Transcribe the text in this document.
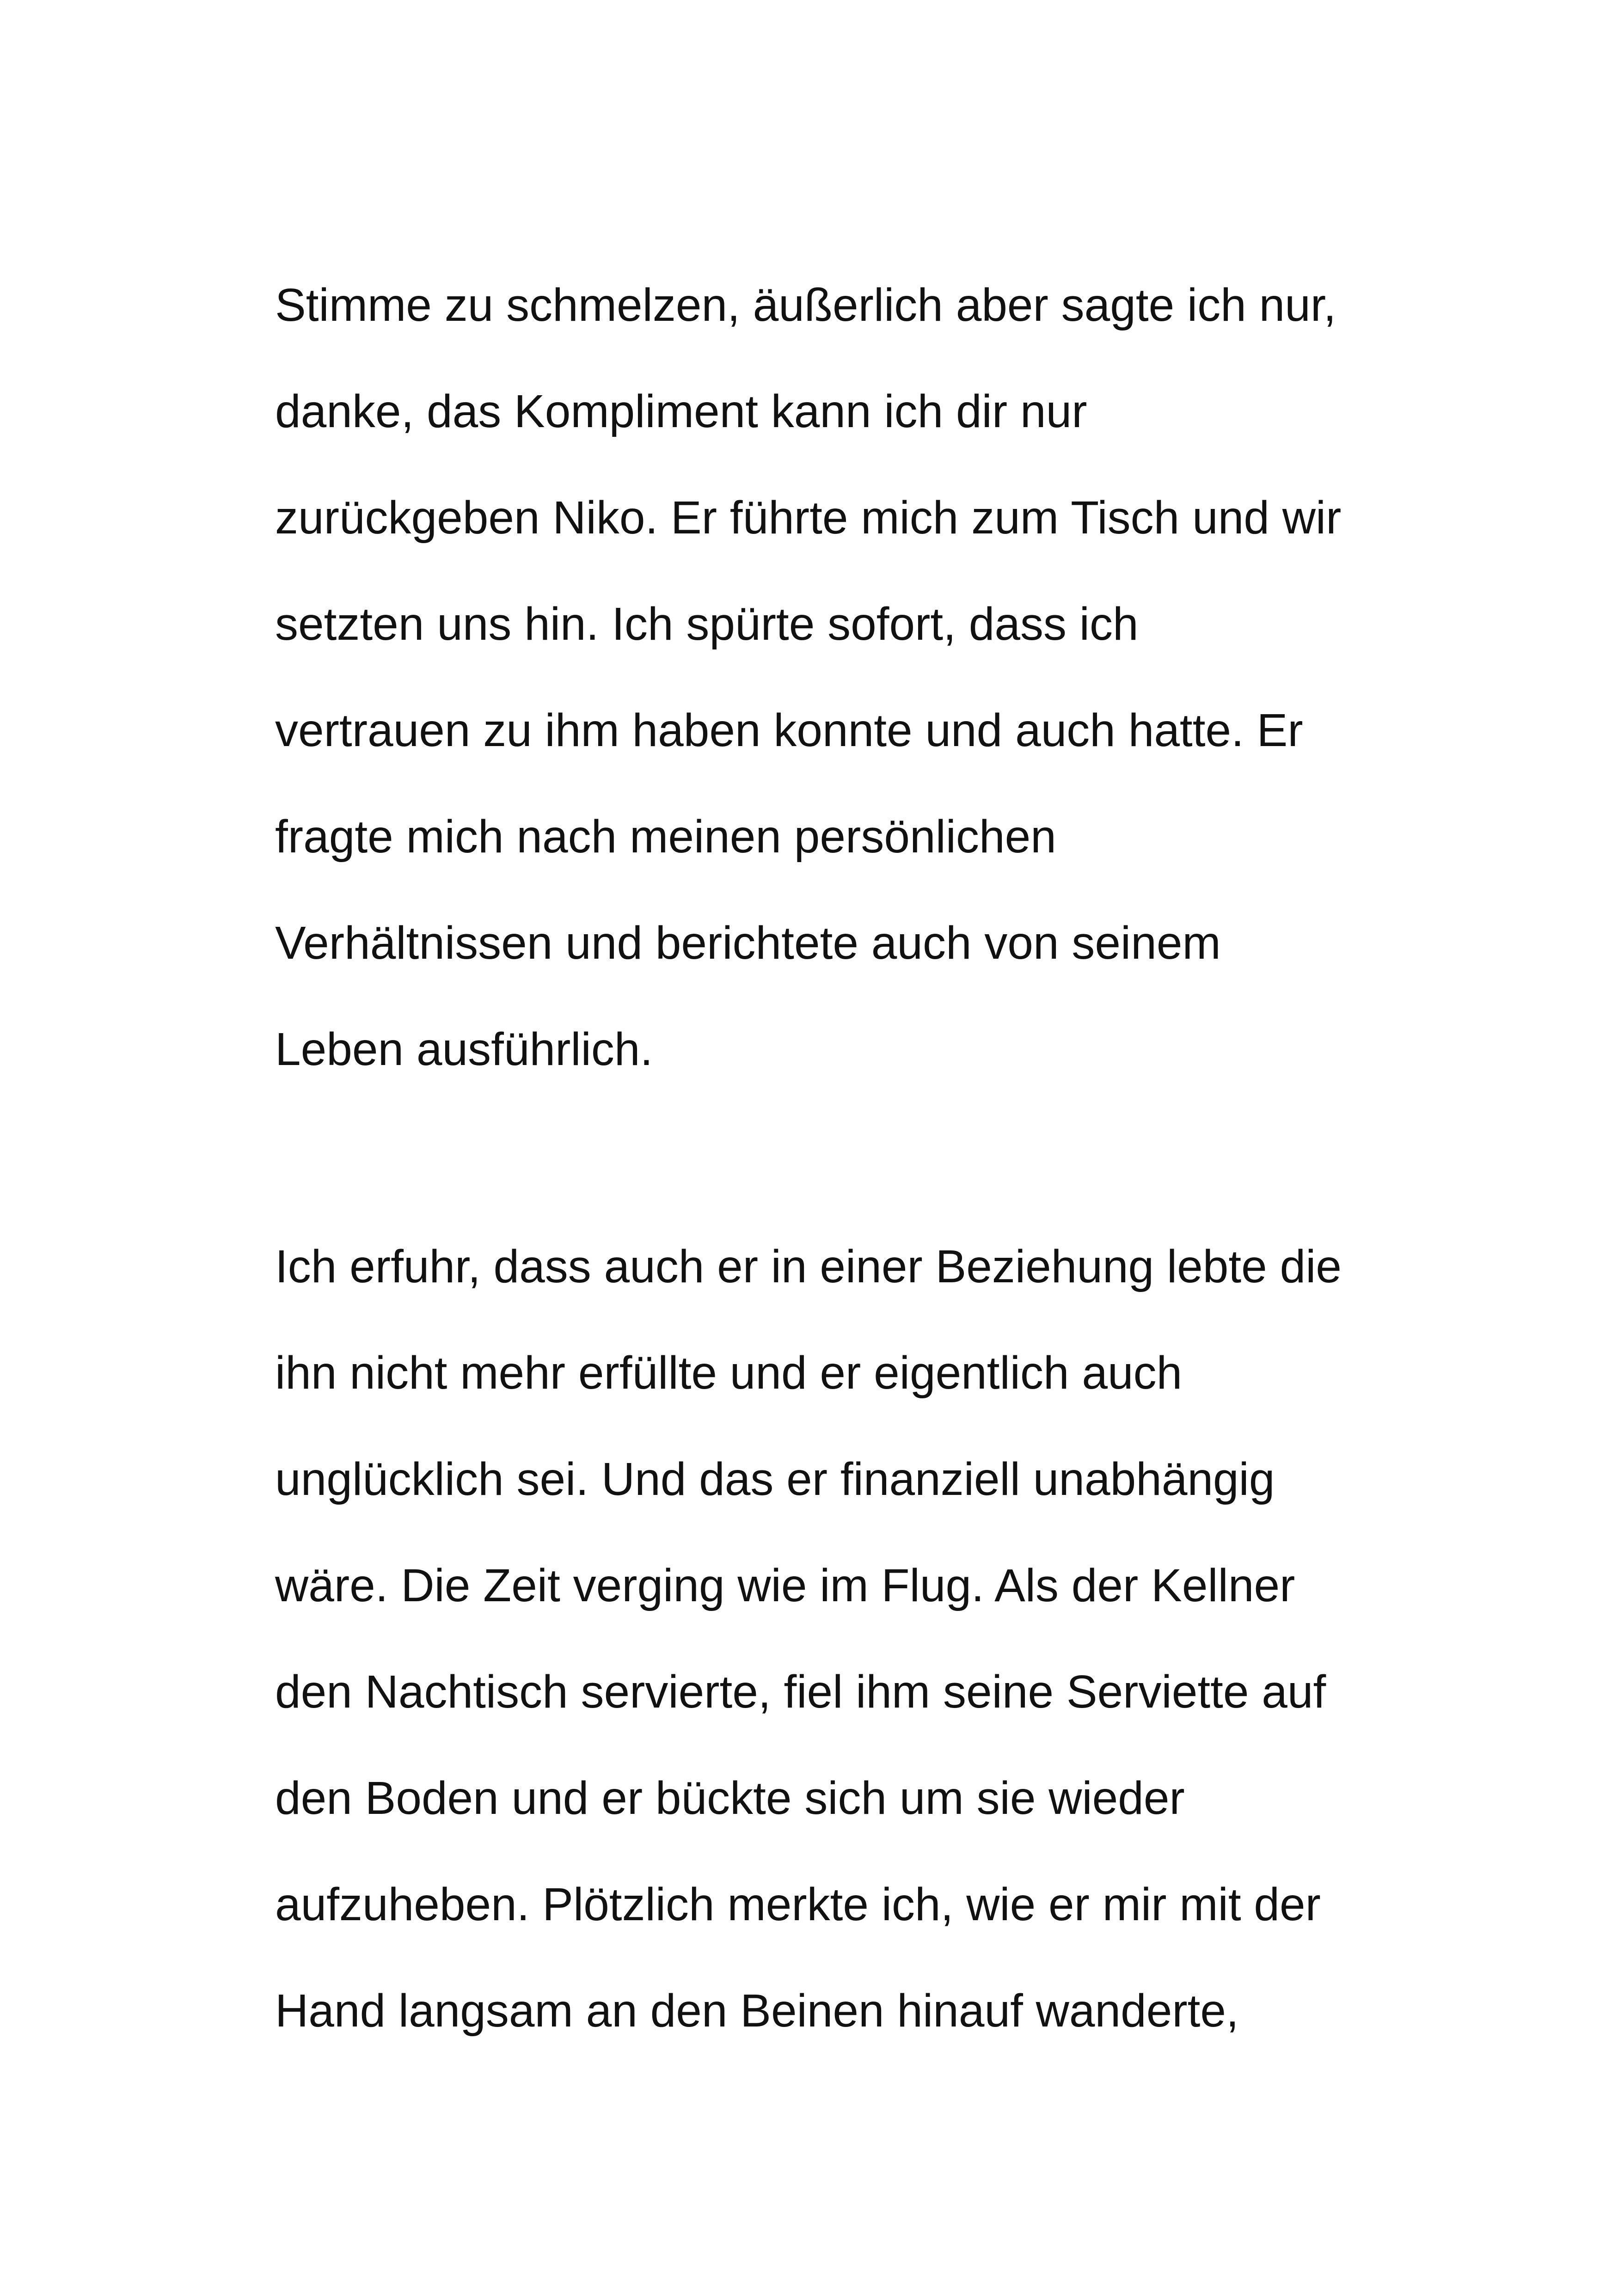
Stimme zu schmelzen, äußerlich aber sagte ich nur,
danke, das Kompliment kann ich dir nur
zurückgeben Niko. Er führte mich zum Tisch und wir
setzten uns hin. Ich spürte sofort, dass ich
vertrauen zu ihm haben konnte und auch hatte. Er
fragte mich nach meinen persönlichen
Verhältnissen und berichtete auch von seinem
Leben ausführlich.
Ich erfuhr, dass auch er in einer Beziehung lebte die
ihn nicht mehr erfüllte und er eigentlich auch
unglücklich sei. Und das er finanziell unabhängig
wäre. Die Zeit verging wie im Flug. Als der Kellner
den Nachtisch servierte, fiel ihm seine Serviette auf
den Boden und er bückte sich um sie wieder
aufzuheben. Plötzlich merkte ich, wie er mir mit der
Hand langsam an den Beinen hinauf wanderte,
